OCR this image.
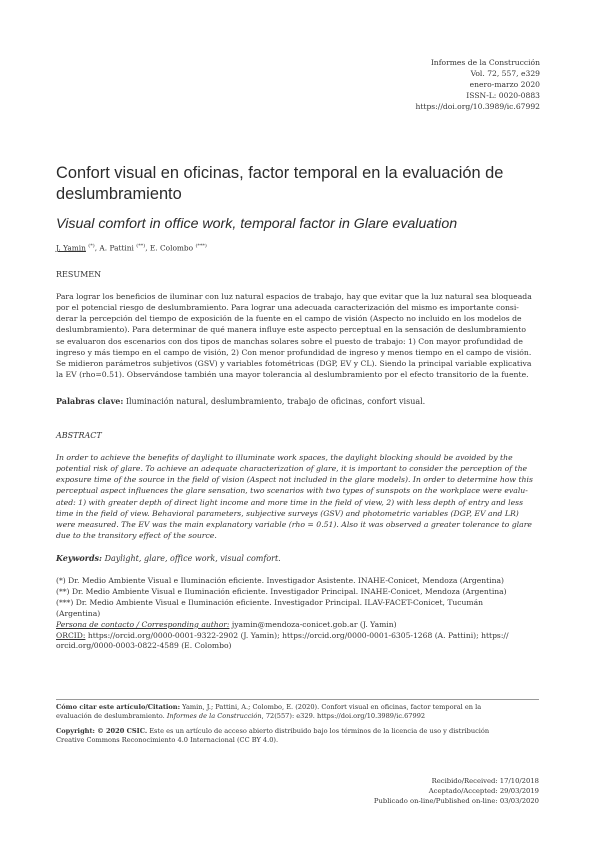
Informes de la Construcción
Vol. 72, 557, e329
enero-marzo 2020
ISSN-L: 0020-0883
https://doi.org/10.3989/ic.67992
Confort visual en oficinas, factor temporal en la evaluación de deslumbramiento
Visual comfort in office work, temporal factor in Glare evaluation
J. Yamin (*), A. Pattini (**), E. Colombo (***)
RESUMEN
Para lograr los beneficios de iluminar con luz natural espacios de trabajo, hay que evitar que la luz natural sea bloqueada
por el potencial riesgo de deslumbramiento. Para lograr una adecuada caracterización del mismo es importante consi-
derar la percepción del tiempo de exposición de la fuente en el campo de visión (Aspecto no incluido en los modelos de
deslumbramiento). Para determinar de qué manera influye este aspecto perceptual en la sensación de deslumbramiento
se evaluaron dos escenarios con dos tipos de manchas solares sobre el puesto de trabajo: 1) Con mayor profundidad de
ingreso y más tiempo en el campo de visión, 2) Con menor profundidad de ingreso y menos tiempo en el campo de visión.
Se midieron parámetros subjetivos (GSV) y variables fotométricas (DGP, EV y CL). Siendo la principal variable explicativa
la EV (rho=0.51). Observándose también una mayor tolerancia al deslumbramiento por el efecto transitorio de la fuente.
Palabras clave: Iluminación natural, deslumbramiento, trabajo de oficinas, confort visual.
ABSTRACT
In order to achieve the benefits of daylight to illuminate work spaces, the daylight blocking should be avoided by the
potential risk of glare. To achieve an adequate characterization of glare, it is important to consider the perception of the
exposure time of the source in the field of vision (Aspect not included in the glare models). In order to determine how this
perceptual aspect influences the glare sensation, two scenarios with two types of sunspots on the workplace were evalu-
ated: 1) with greater depth of direct light income and more time in the field of view, 2) with less depth of entry and less
time in the field of view. Behavioral parameters, subjective surveys (GSV) and photometric variables (DGP, EV and LR)
were measured. The EV was the main explanatory variable (rho = 0.51). Also it was observed a greater tolerance to glare
due to the transitory effect of the source.
Keywords: Daylight, glare, office work, visual comfort.
(*) Dr. Medio Ambiente Visual e Iluminación eficiente. Investigador Asistente. INAHE-Conicet, Mendoza (Argentina)
(**) Dr. Medio Ambiente Visual e Iluminación eficiente. Investigador Principal. INAHE-Conicet, Mendoza (Argentina)
(***) Dr. Medio Ambiente Visual e Iluminación eficiente. Investigador Principal. ILAV-FACET-Conicet, Tucumán
(Argentina)
Persona de contacto / Corresponding author: jyamin@mendoza-conicet.gob.ar (J. Yamin)
ORCID: https://orcid.org/0000-0001-9322-2902 (J. Yamin); https://orcid.org/0000-0001-6305-1268 (A. Pattini); https://
orcid.org/0000-0003-0822-4589 (E. Colombo)
Cómo citar este artículo/Citation: Yamin, J.; Pattini, A.; Colombo, E. (2020). Confort visual en oficinas, factor temporal en la
evaluación de deslumbramiento. Informes de la Construcción, 72(557): e329. https://doi.org/10.3989/ic.67992
Copyright: © 2020 CSIC. Este es un artículo de acceso abierto distribuido bajo los términos de la licencia de uso y distribución
Creative Commons Reconocimiento 4.0 Internacional (CC BY 4.0).
Recibido/Received: 17/10/2018
Aceptado/Accepted: 29/03/2019
Publicado on-line/Published on-line: 03/03/2020
